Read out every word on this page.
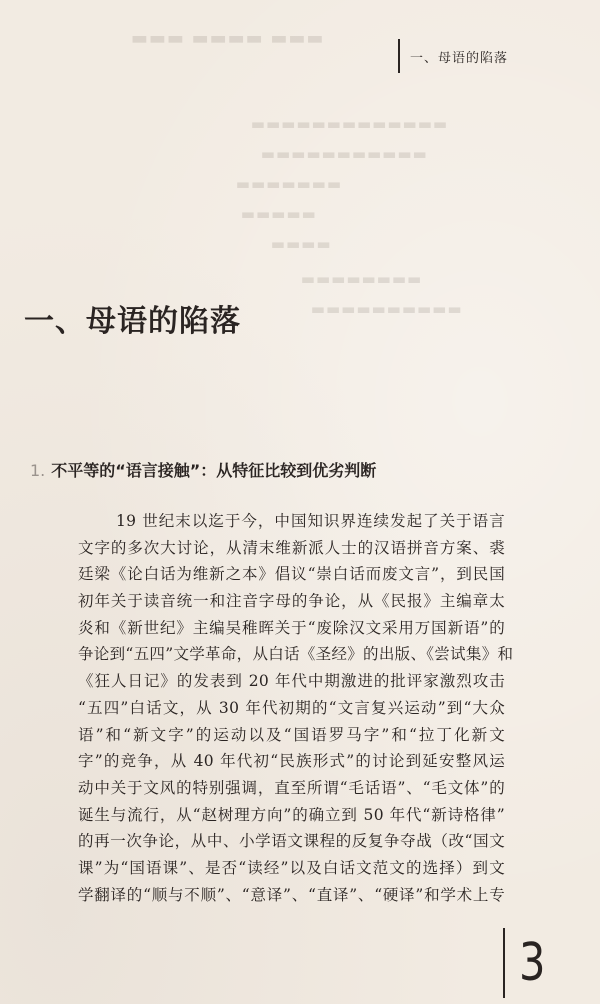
▬▬▬ ▬▬▬▬ ▬▬▬
▬▬▬▬▬▬▬▬▬▬▬▬▬
▬▬▬▬▬▬▬▬▬▬▬
▬▬▬▬▬▬▬
▬▬▬▬▬
▬▬▬▬
▬▬▬▬▬▬▬▬
▬▬▬▬▬▬▬▬▬▬
一、母语的陷落
一、母语的陷落
1. 不平等的“语言接触”：从特征比较到优劣判断
19 世纪末以迄于今，中国知识界连续发起了关于语言
文字的多次大讨论，从清末维新派人士的汉语拼音方案、裘
廷梁《论白话为维新之本》倡议“崇白话而废文言”，到民国
初年关于读音统一和注音字母的争论，从《民报》主编章太
炎和《新世纪》主编吴稚晖关于“废除汉文采用万国新语”的
争论到“五四”文学革命，从白话《圣经》的出版、《尝试集》和
《狂人日记》的发表到 20 年代中期激进的批评家激烈攻击
“五四”白话文，从 30 年代初期的“文言复兴运动”到“大众
语”和“新文字”的运动以及“国语罗马字”和“拉丁化新文
字”的竞争，从 40 年代初“民族形式”的讨论到延安整风运
动中关于文风的特别强调，直至所谓“毛话语”、“毛文体”的
诞生与流行，从“赵树理方向”的确立到 50 年代“新诗格律”
的再一次争论，从中、小学语文课程的反复争夺战（改“国文
课”为“国语课”、是否“读经”以及白话文范文的选择）到文
学翻译的“顺与不顺”、“意译”、“直译”、“硬译”和学术上专
3
